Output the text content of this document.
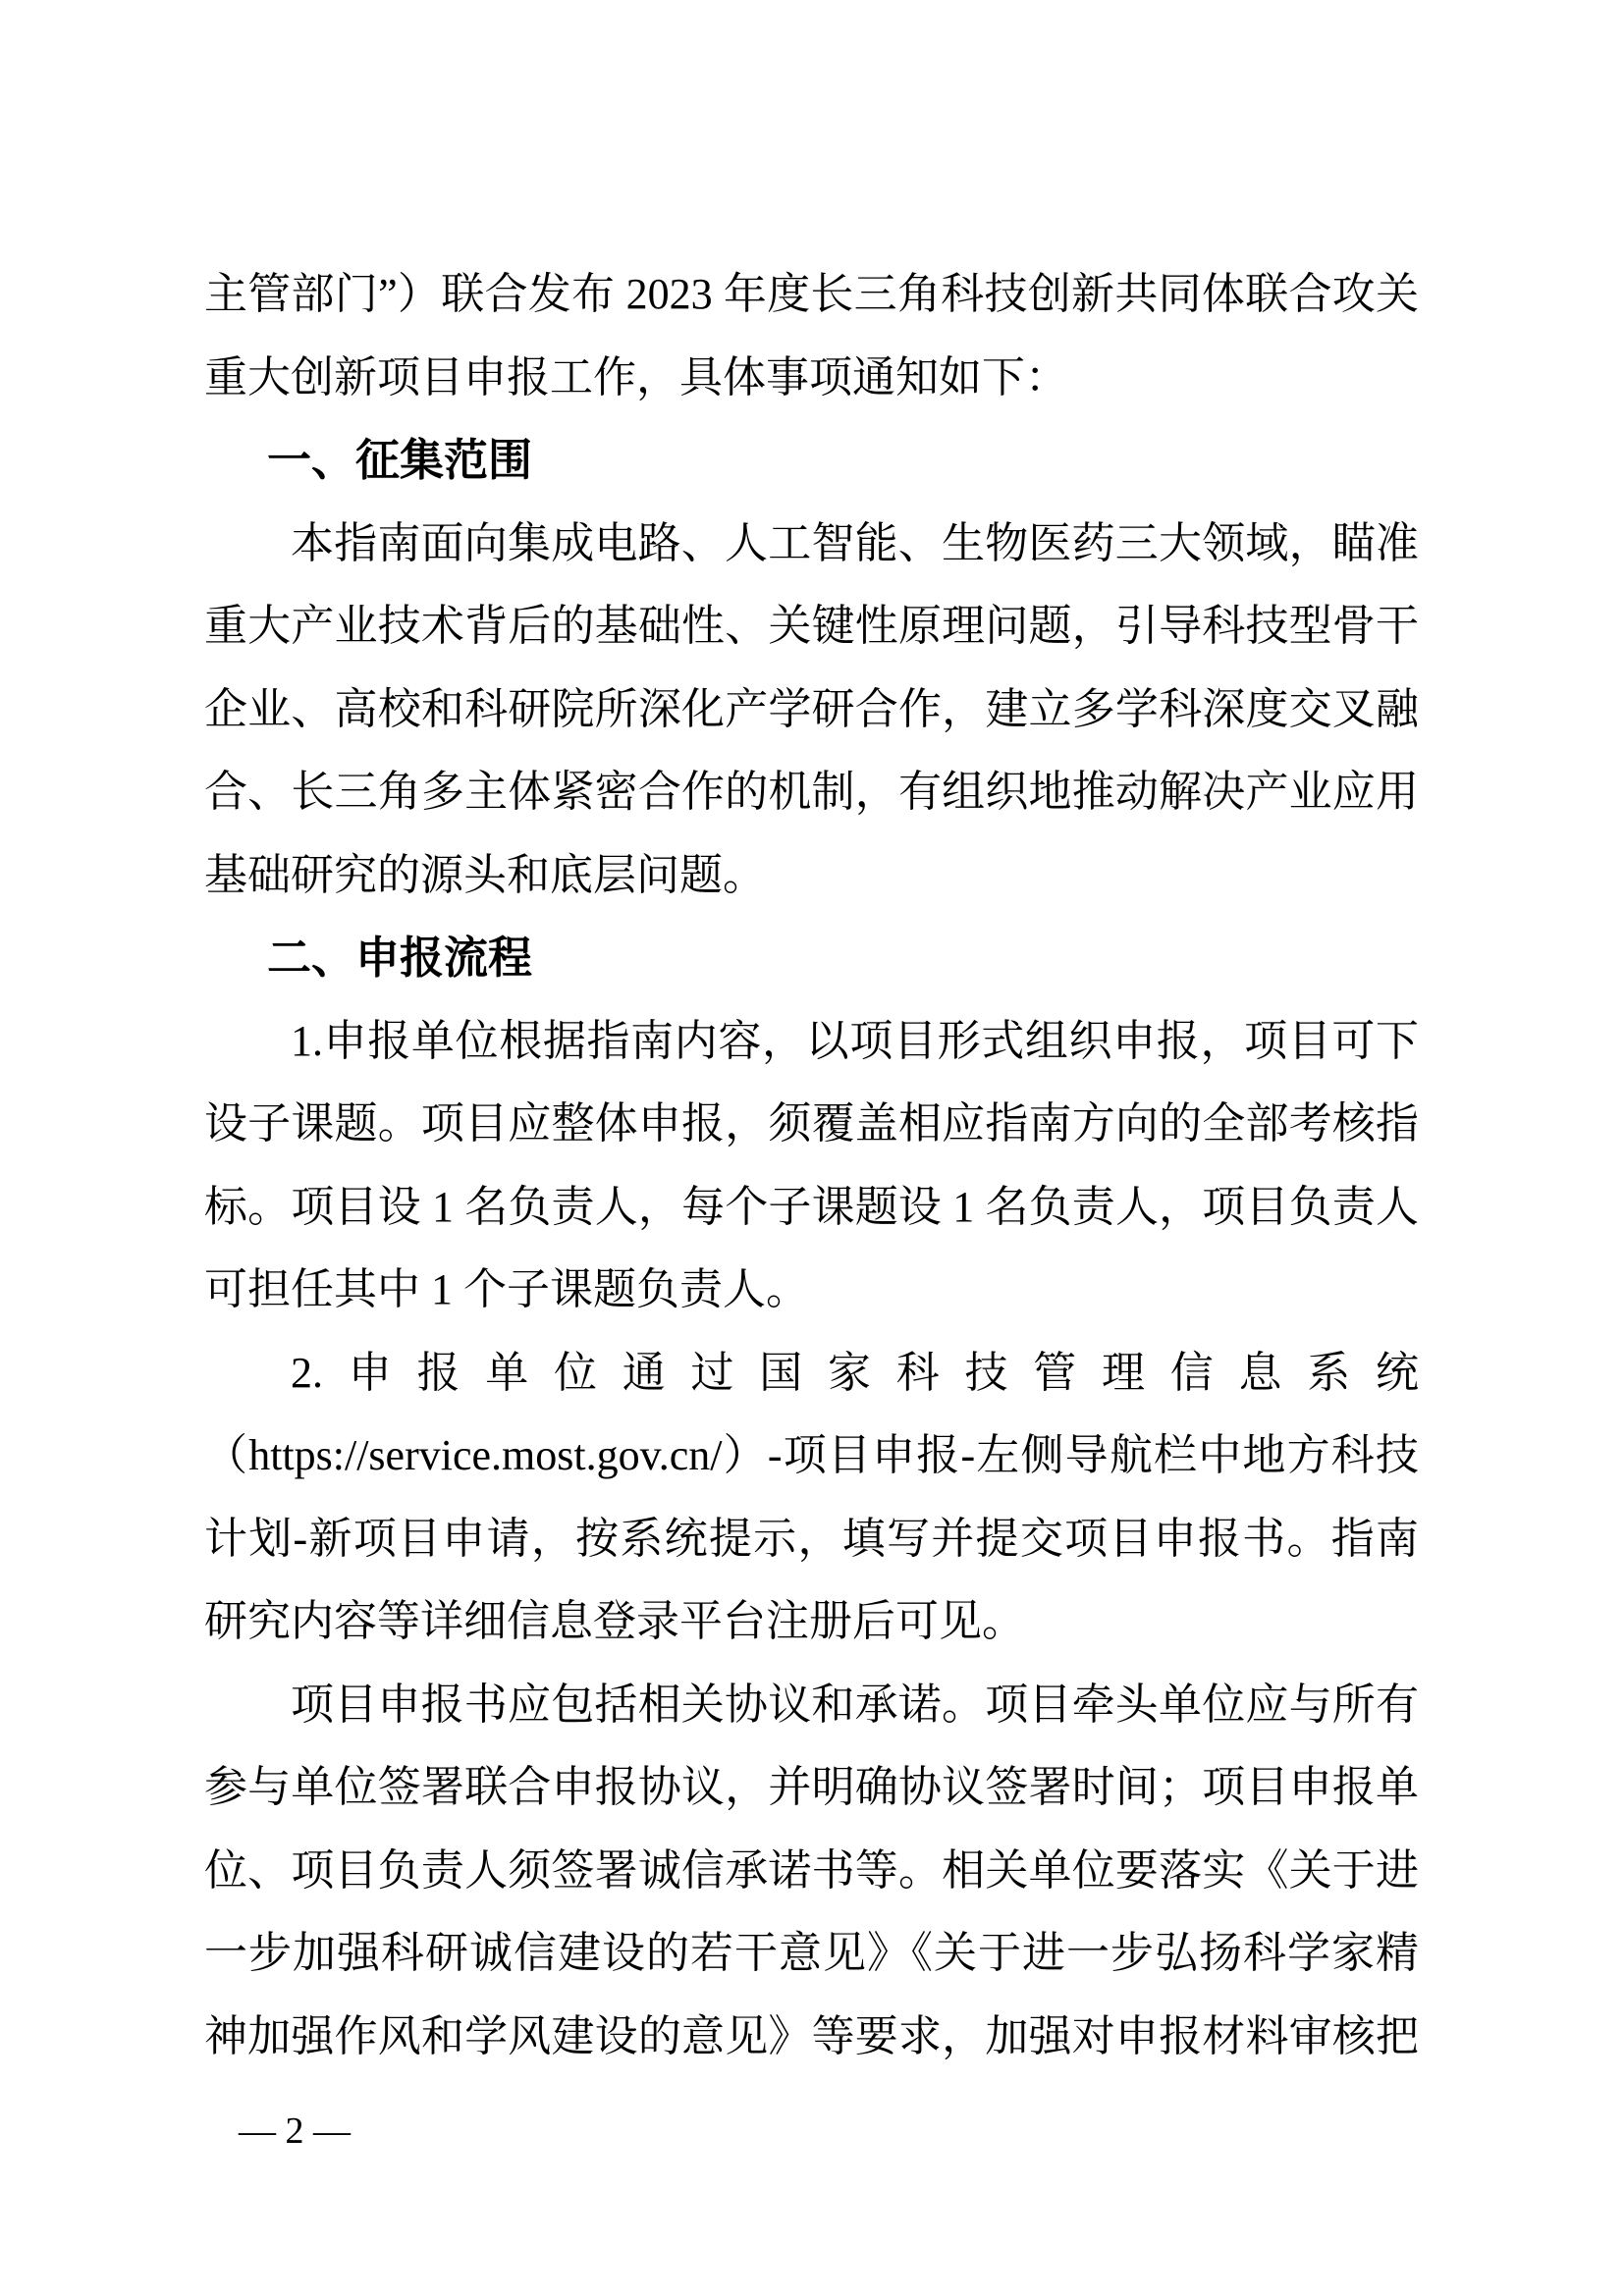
主管部门”）联合发布 2023 年度长三角科技创新共同体联合攻关
重大创新项目申报工作，具体事项通知如下：
一、征集范围
本指南面向集成电路、人工智能、生物医药三大领域，瞄准
重大产业技术背后的基础性、关键性原理问题，引导科技型骨干
企业、高校和科研院所深化产学研合作，建立多学科深度交叉融
合、长三角多主体紧密合作的机制，有组织地推动解决产业应用
基础研究的源头和底层问题。
二、申报流程
1.申报单位根据指南内容，以项目形式组织申报，项目可下
设子课题。项目应整体申报，须覆盖相应指南方向的全部考核指
标。项目设 1 名负责人，每个子课题设 1 名负责人，项目负责人
可担任其中 1 个子课题负责人。
2.申报单位通过国家科技管理信息系统
（https://service.most.gov.cn/）-项目申报-左侧导航栏中地方科技
计划-新项目申请，按系统提示，填写并提交项目申报书。指南
研究内容等详细信息登录平台注册后可见。
项目申报书应包括相关协议和承诺。项目牵头单位应与所有
参与单位签署联合申报协议，并明确协议签署时间；项目申报单
位、项目负责人须签署诚信承诺书等。相关单位要落实《关于进
一步加强科研诚信建设的若干意见》《关于进一步弘扬科学家精
神加强作风和学风建设的意见》等要求，加强对申报材料审核把
— 2 —
